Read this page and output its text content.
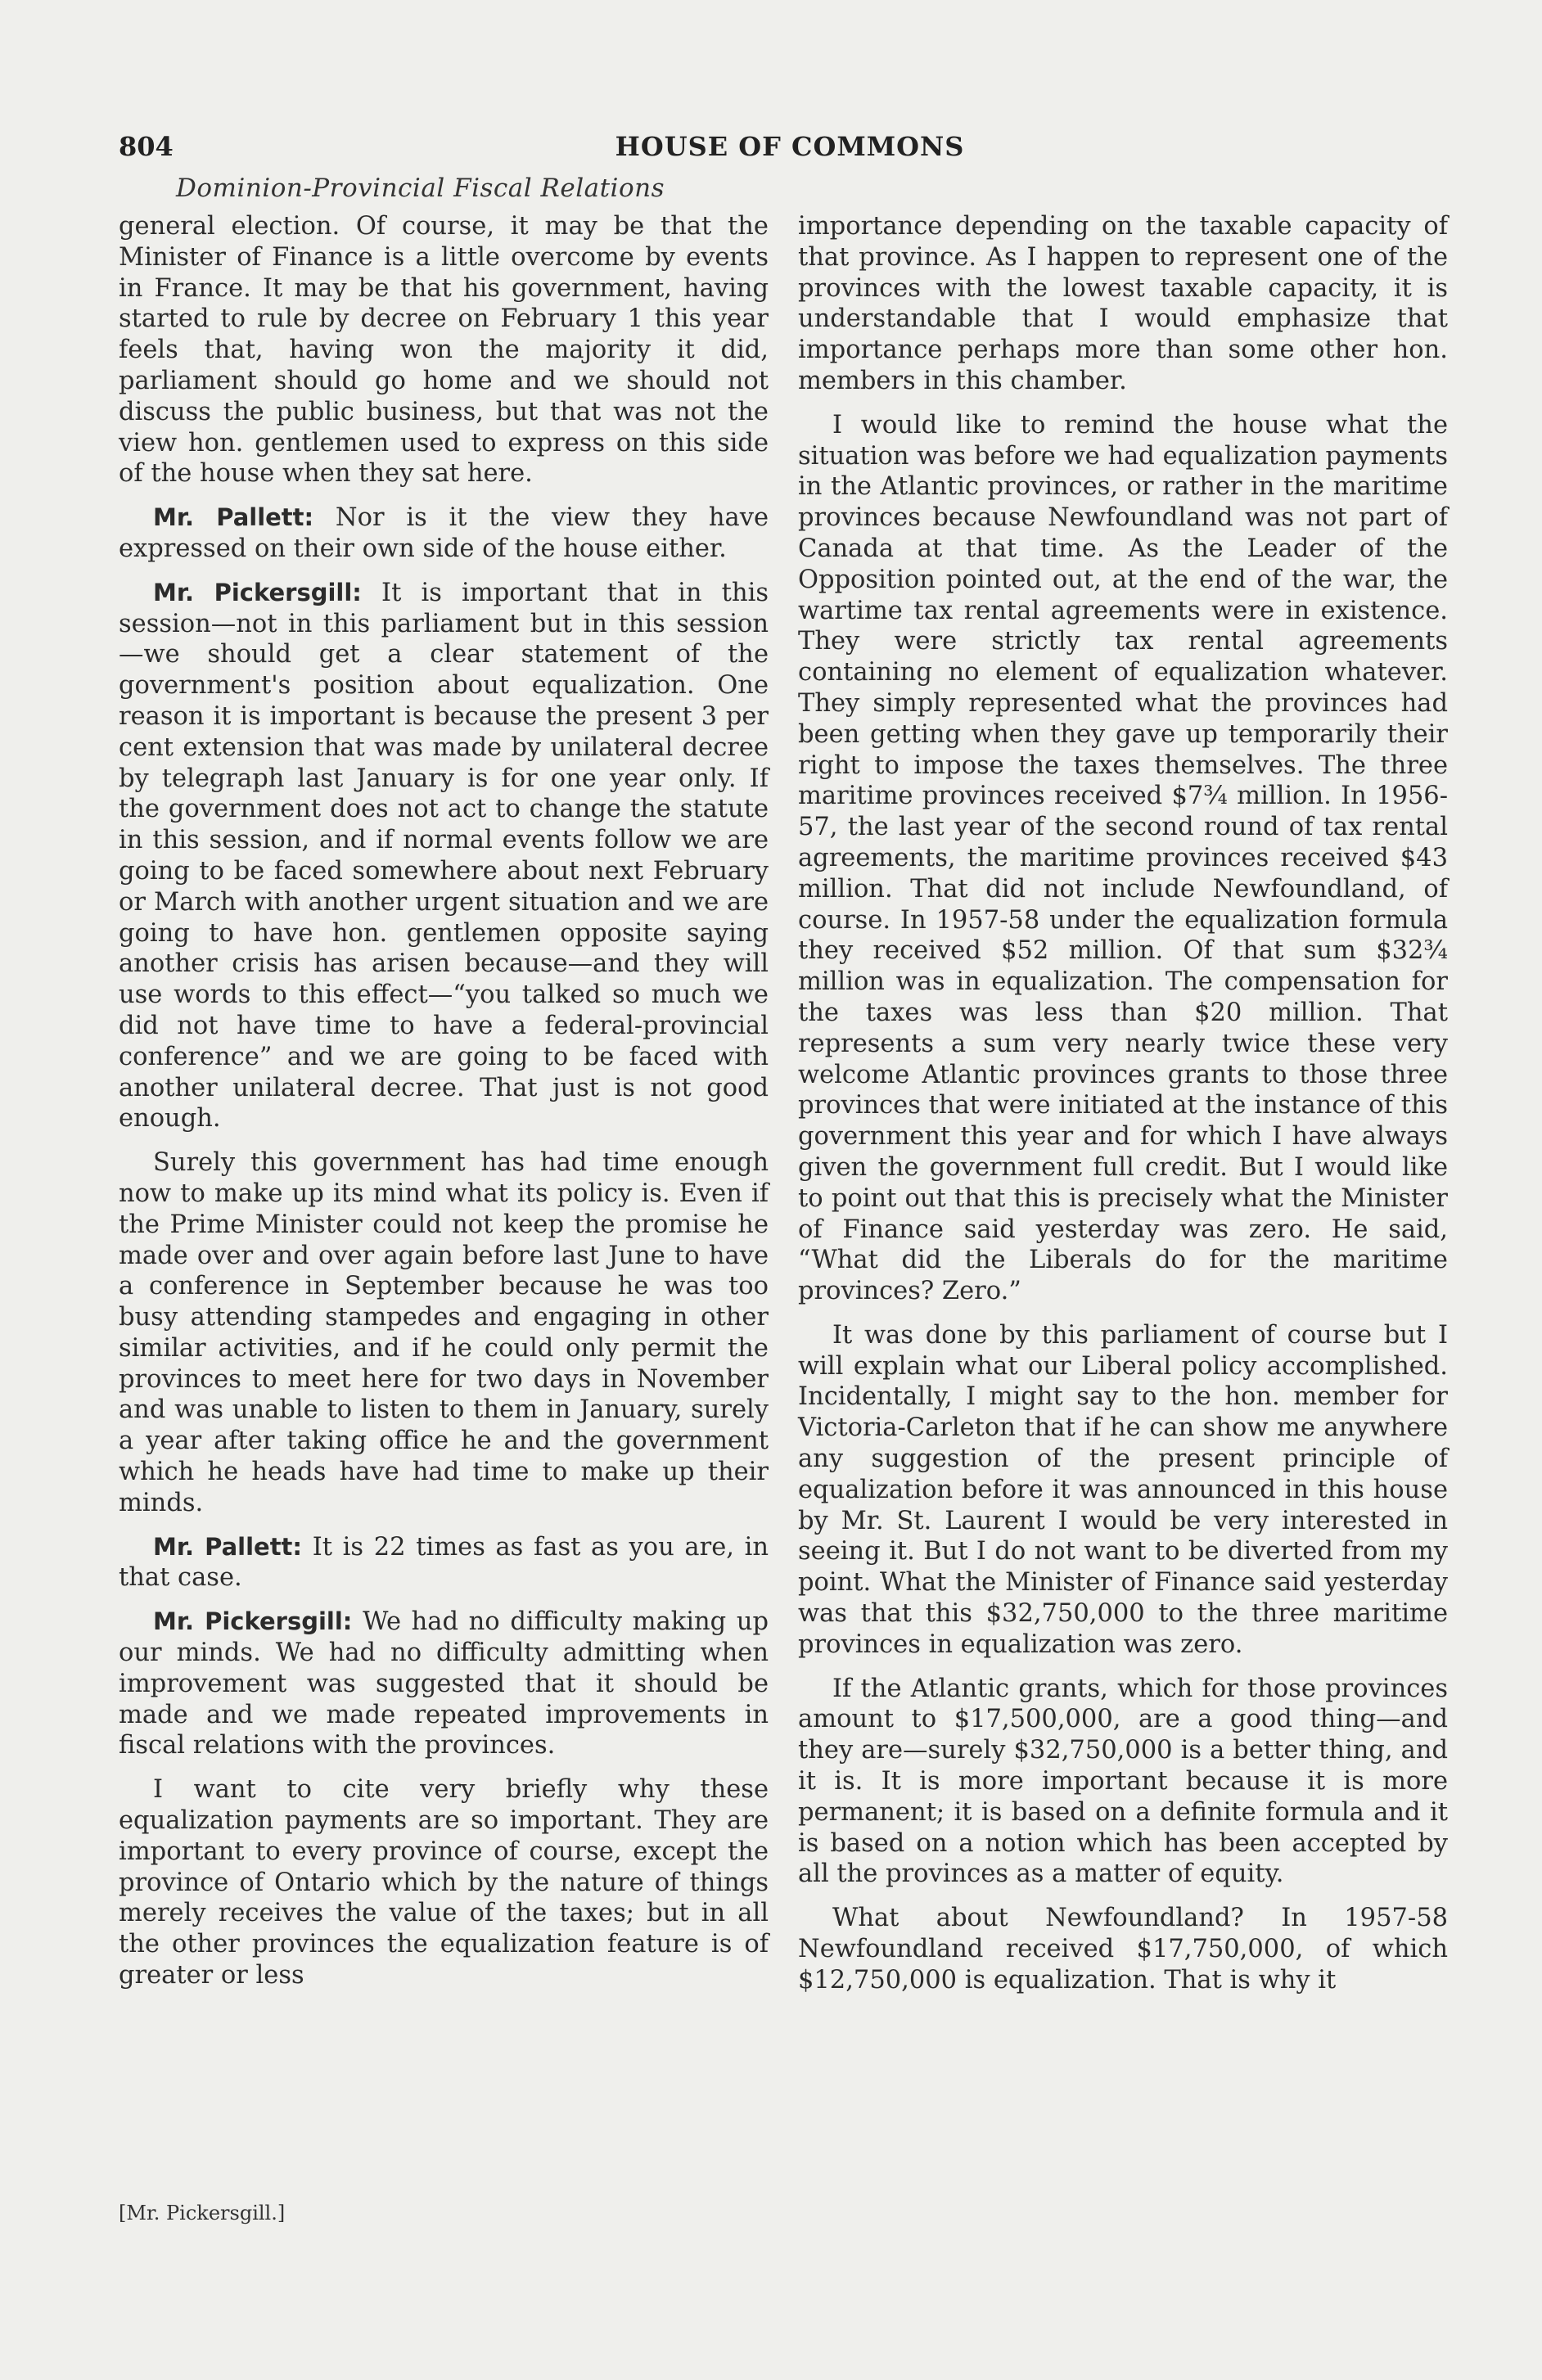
804	HOUSE OF COMMONS
Dominion-Provincial Fiscal Relations

general election. Of course, it may be that the Minister of Finance is a little overcome by events in France. It may be that his government, having started to rule by decree on February 1 this year feels that, having won the majority it did, parliament should go home and we should not discuss the public business, but that was not the view hon. gentlemen used to express on this side of the house when they sat here.

Mr. Pallett: Nor is it the view they have expressed on their own side of the house either.

Mr. Pickersgill: It is important that in this session—not in this parliament but in this session—we should get a clear statement of the government's position about equalization. One reason it is important is because the present 3 per cent extension that was made by unilateral decree by telegraph last January is for one year only. If the government does not act to change the statute in this session, and if normal events follow we are going to be faced somewhere about next February or March with another urgent situation and we are going to have hon. gentlemen opposite saying another crisis has arisen because—and they will use words to this effect—“you talked so much we did not have time to have a federal-provincial conference” and we are going to be faced with another unilateral decree. That just is not good enough.

Surely this government has had time enough now to make up its mind what its policy is. Even if the Prime Minister could not keep the promise he made over and over again before last June to have a conference in September because he was too busy attending stampedes and engaging in other similar activities, and if he could only permit the provinces to meet here for two days in November and was unable to listen to them in January, surely a year after taking office he and the government which he heads have had time to make up their minds.

Mr. Pallett: It is 22 times as fast as you are, in that case.

Mr. Pickersgill: We had no difficulty making up our minds. We had no difficulty admitting when improvement was suggested that it should be made and we made repeated improvements in fiscal relations with the provinces.

I want to cite very briefly why these equalization payments are so important. They are important to every province of course, except the province of Ontario which by the nature of things merely receives the value of the taxes; but in all the other provinces the equalization feature is of greater or less

importance depending on the taxable capacity of that province. As I happen to represent one of the provinces with the lowest taxable capacity, it is understandable that I would emphasize that importance perhaps more than some other hon. members in this chamber.

I would like to remind the house what the situation was before we had equalization payments in the Atlantic provinces, or rather in the maritime provinces because Newfoundland was not part of Canada at that time. As the Leader of the Opposition pointed out, at the end of the war, the wartime tax rental agreements were in existence. They were strictly tax rental agreements containing no element of equalization whatever. They simply represented what the provinces had been getting when they gave up temporarily their right to impose the taxes themselves. The three maritime provinces received $7¾ million. In 1956-57, the last year of the second round of tax rental agreements, the maritime provinces received $43 million. That did not include Newfoundland, of course. In 1957-58 under the equalization formula they received $52 million. Of that sum $32¾ million was in equalization. The compensation for the taxes was less than $20 million. That represents a sum very nearly twice these very welcome Atlantic provinces grants to those three provinces that were initiated at the instance of this government this year and for which I have always given the government full credit. But I would like to point out that this is precisely what the Minister of Finance said yesterday was zero. He said, “What did the Liberals do for the maritime provinces? Zero.”

It was done by this parliament of course but I will explain what our Liberal policy accomplished. Incidentally, I might say to the hon. member for Victoria-Carleton that if he can show me anywhere any suggestion of the present principle of equalization before it was announced in this house by Mr. St. Laurent I would be very interested in seeing it. But I do not want to be diverted from my point. What the Minister of Finance said yesterday was that this $32,750,000 to the three maritime provinces in equalization was zero.

If the Atlantic grants, which for those provinces amount to $17,500,000, are a good thing—and they are—surely $32,750,000 is a better thing, and it is. It is more important because it is more permanent; it is based on a definite formula and it is based on a notion which has been accepted by all the provinces as a matter of equity.

What about Newfoundland? In 1957-58 Newfoundland received $17,750,000, of which $12,750,000 is equalization. That is why it

[Mr. Pickersgill.]
